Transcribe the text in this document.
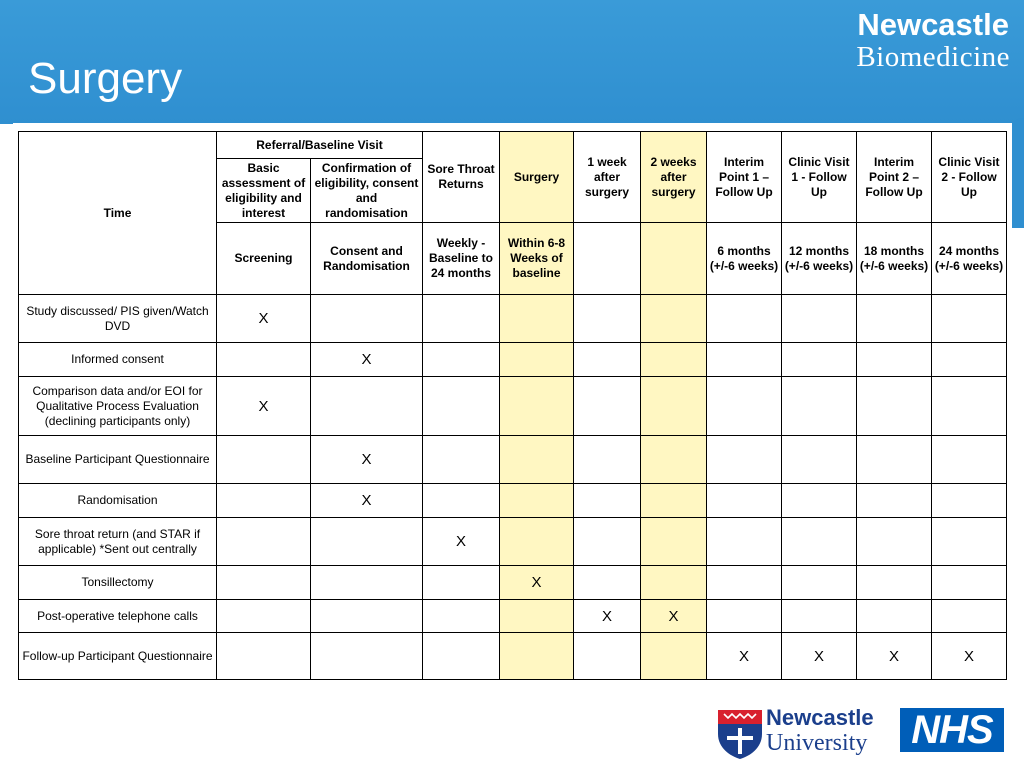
Surgery
Newcastle
Biomedicine
Time	Referral/Baseline Visit		Sore Throat Returns	Surgery	1 week after surgery	2 weeks after surgery	Interim Point 1 – Follow Up	Clinic Visit 1 - Follow Up	Interim Point 2 – Follow Up	Clinic Visit 2 - Follow Up
	Basic assessment of eligibility and interest	Confirmation of eligibility, consent and randomisation								
	Screening	Consent and Randomisation	Weekly - Baseline to 24 months	Within 6-8 Weeks of baseline			6 months (+/-6 weeks)	12 months (+/-6 weeks)	18 months (+/-6 weeks)	24 months (+/-6 weeks)
Study discussed/ PIS given/Watch DVD	X									
Informed consent		X								
Comparison data and/or EOI for Qualitative Process Evaluation (declining participants only)	X									
Baseline Participant Questionnaire		X								
Randomisation		X								
Sore throat return (and STAR if applicable) *Sent out centrally			X							
Tonsillectomy				X						
Post-operative telephone calls					X	X				
Follow-up Participant Questionnaire							X	X	X	X
Newcastle
University NHS
